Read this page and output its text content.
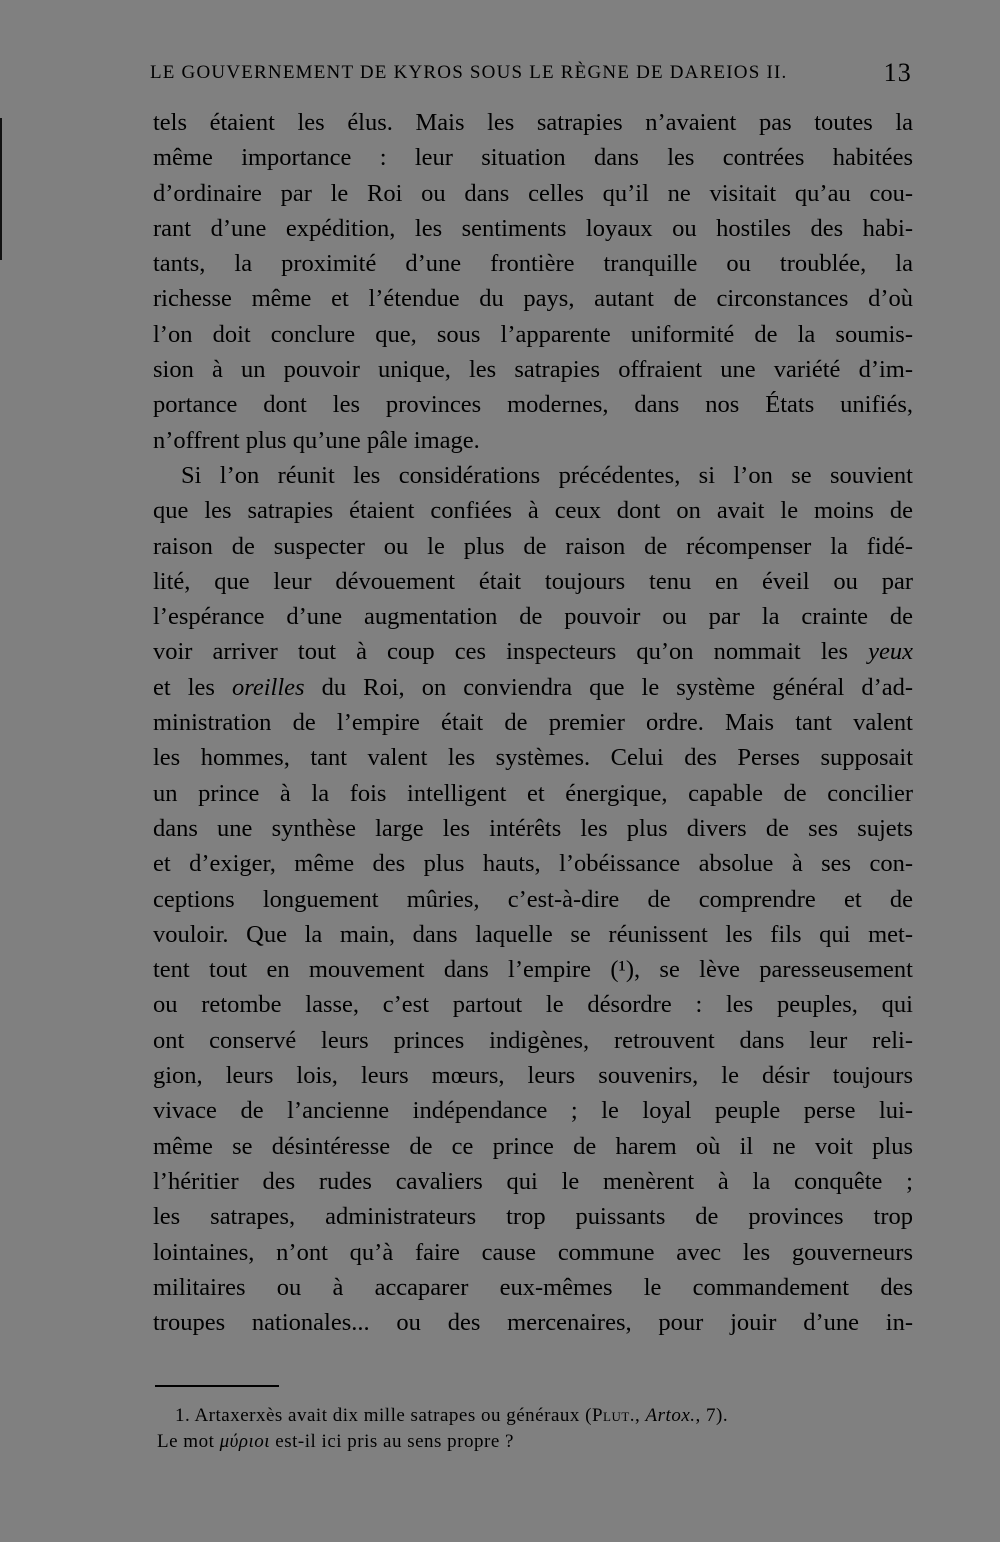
LE GOUVERNEMENT DE KYROS SOUS LE RÈGNE DE DAREIOS II.	13
tels étaient les élus. Mais les satrapies n’avaient pas toutes la
même importance : leur situation dans les contrées habitées
d’ordinaire par le Roi ou dans celles qu’il ne visitait qu’au cou-
rant d’une expédition, les sentiments loyaux ou hostiles des habi-
tants, la proximité d’une frontière tranquille ou troublée, la
richesse même et l’étendue du pays, autant de circonstances d’où
l’on doit conclure que, sous l’apparente uniformité de la soumis-
sion à un pouvoir unique, les satrapies offraient une variété d’im-
portance dont les provinces modernes, dans nos États unifiés,
n’offrent plus qu’une pâle image.
Si l’on réunit les considérations précédentes, si l’on se souvient
que les satrapies étaient confiées à ceux dont on avait le moins de
raison de suspecter ou le plus de raison de récompenser la fidé-
lité, que leur dévouement était toujours tenu en éveil ou par
l’espérance d’une augmentation de pouvoir ou par la crainte de
voir arriver tout à coup ces inspecteurs qu’on nommait les yeux
et les oreilles du Roi, on conviendra que le système général d’ad-
ministration de l’empire était de premier ordre. Mais tant valent
les hommes, tant valent les systèmes. Celui des Perses supposait
un prince à la fois intelligent et énergique, capable de concilier
dans une synthèse large les intérêts les plus divers de ses sujets
et d’exiger, même des plus hauts, l’obéissance absolue à ses con-
ceptions longuement mûries, c’est-à-dire de comprendre et de
vouloir. Que la main, dans laquelle se réunissent les fils qui met-
tent tout en mouvement dans l’empire (¹), se lève paresseusement
ou retombe lasse, c’est partout le désordre : les peuples, qui
ont conservé leurs princes indigènes, retrouvent dans leur reli-
gion, leurs lois, leurs mœurs, leurs souvenirs, le désir toujours
vivace de l’ancienne indépendance ; le loyal peuple perse lui-
même se désintéresse de ce prince de harem où il ne voit plus
l’héritier des rudes cavaliers qui le menèrent à la conquête ;
les satrapes, administrateurs trop puissants de provinces trop
lointaines, n’ont qu’à faire cause commune avec les gouverneurs
militaires ou à accaparer eux-mêmes le commandement des
troupes nationales... ou des mercenaires, pour jouir d’une in-
1. Artaxerxès avait dix mille satrapes ou généraux (Plut., Artox., 7).
Le mot μύριοι est-il ici pris au sens propre ?
